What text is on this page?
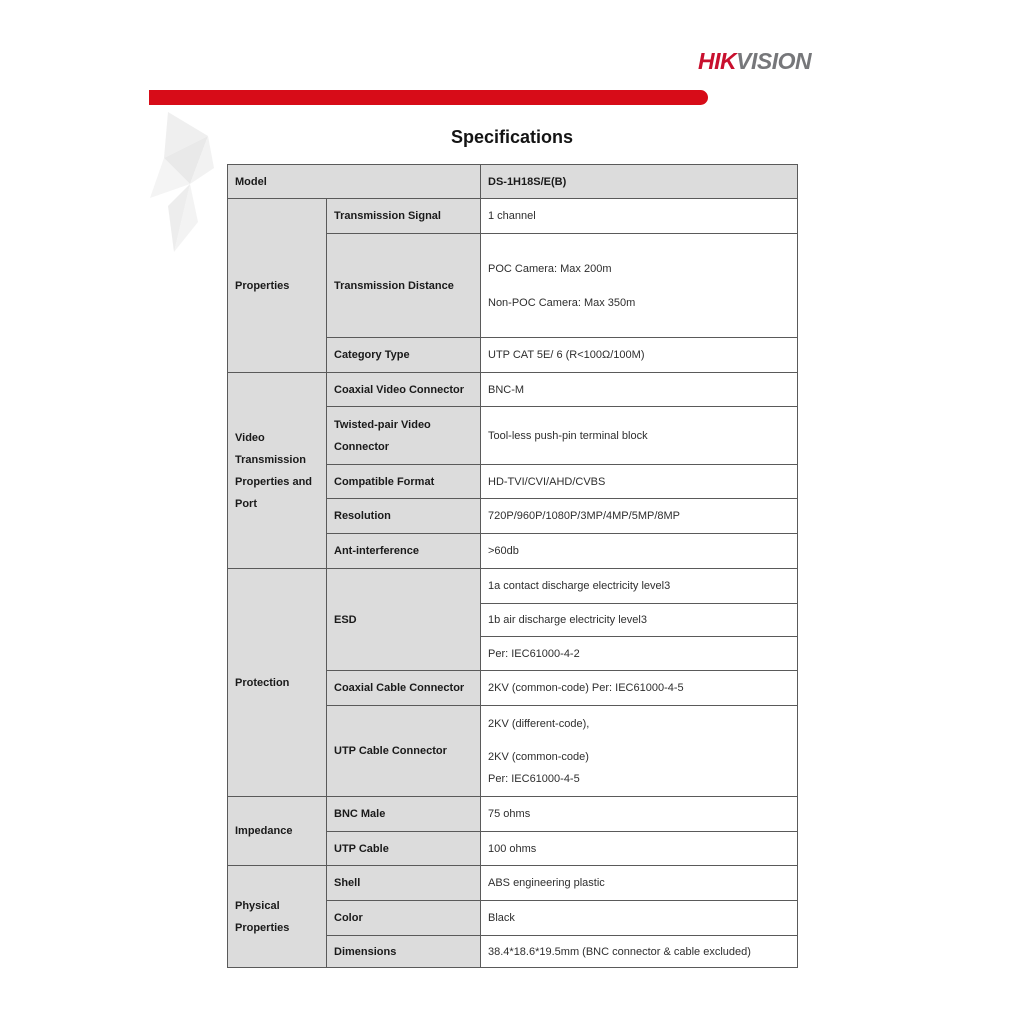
HIKVISION
Specifications
Model		DS-1H18S/E(B)
Properties	Transmission Signal	1 channel

	Transmission Distance	POC Camera: Max 200m
Non-POC Camera: Max 350m

	Category Type	UTP CAT 5E/ 6 (R<100Ω/100M)

Video Transmission Properties and Port	Coaxial Video Connector	BNC-M

	Twisted-pair Video Connector	Tool-less push-pin terminal block

	Compatible Format	HD-TVI/CVI/AHD/CVBS

	Resolution	720P/960P/1080P/3MP/4MP/5MP/8MP

	Ant-interference	>60db

Protection	ESD	1a contact discharge electricity level3

		1b air discharge electricity level3

		Per: IEC61000-4-2

	Coaxial Cable Connector	2KV (common-code) Per: IEC61000-4-5

	UTP Cable Connector	2KV (different-code),
2KV (common-code)
Per: IEC61000-4-5

Impedance	BNC Male	75 ohms

	UTP Cable	100 ohms

Physical Properties	Shell	ABS engineering plastic

	Color	Black

	Dimensions	38.4*18.6*19.5mm (BNC connector & cable excluded)
